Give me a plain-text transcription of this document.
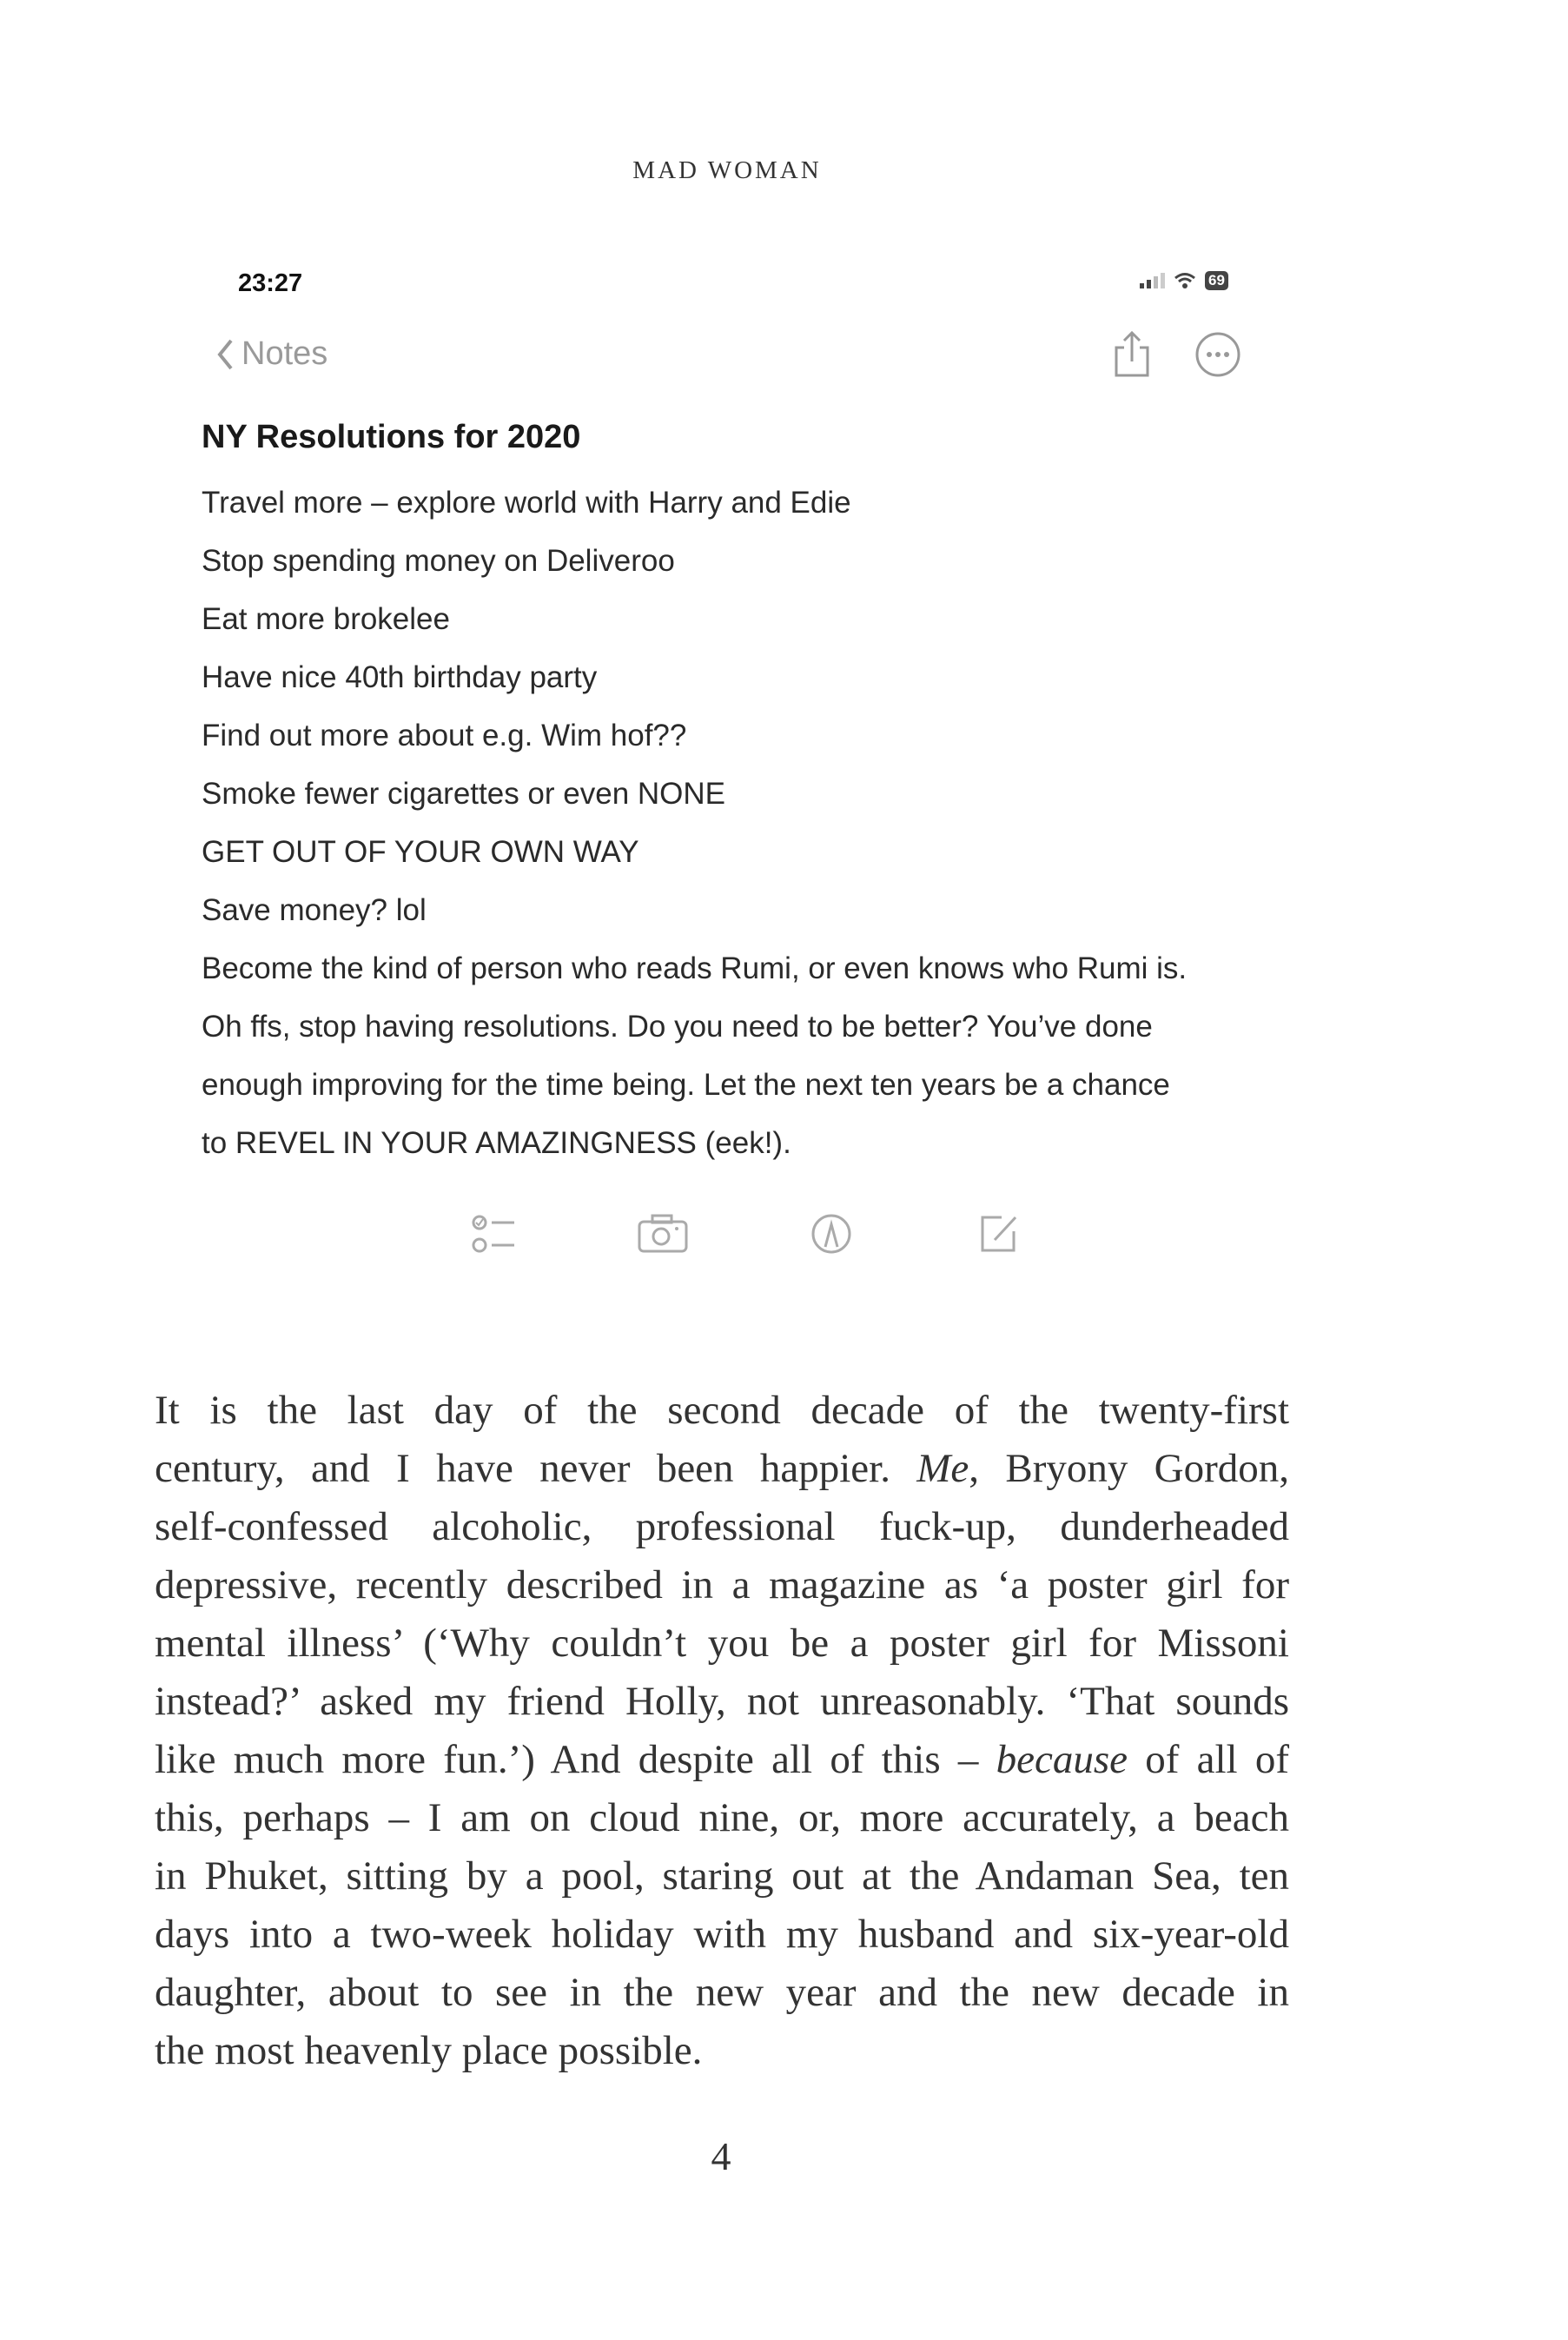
MAD WOMAN
23:27	69
Notes
NY Resolutions for 2020
Travel more – explore world with Harry and Edie
Stop spending money on Deliveroo
Eat more brokelee
Have nice 40th birthday party
Find out more about e.g. Wim hof??
Smoke fewer cigarettes or even NONE
GET OUT OF YOUR OWN WAY
Save money? lol
Become the kind of person who reads Rumi, or even knows who Rumi is.
Oh ffs, stop having resolutions. Do you need to be better? You’ve done
enough improving for the time being. Let the next ten years be a chance
to REVEL IN YOUR AMAZINGNESS (eek!).
It is the last day of the second decade of the twenty-first
century, and I have never been happier. Me, Bryony Gordon,
self-confessed alcoholic, professional fuck-up, dunderheaded
depressive, recently described in a magazine as ‘a poster girl for
mental illness’ (‘Why couldn’t you be a poster girl for Missoni
instead?’ asked my friend Holly, not unreasonably. ‘That sounds
like much more fun.’) And despite all of this – because of all of
this, perhaps – I am on cloud nine, or, more accurately, a beach
in Phuket, sitting by a pool, staring out at the Andaman Sea, ten
days into a two-week holiday with my husband and six-year-old
daughter, about to see in the new year and the new decade in
the most heavenly place possible.
4
